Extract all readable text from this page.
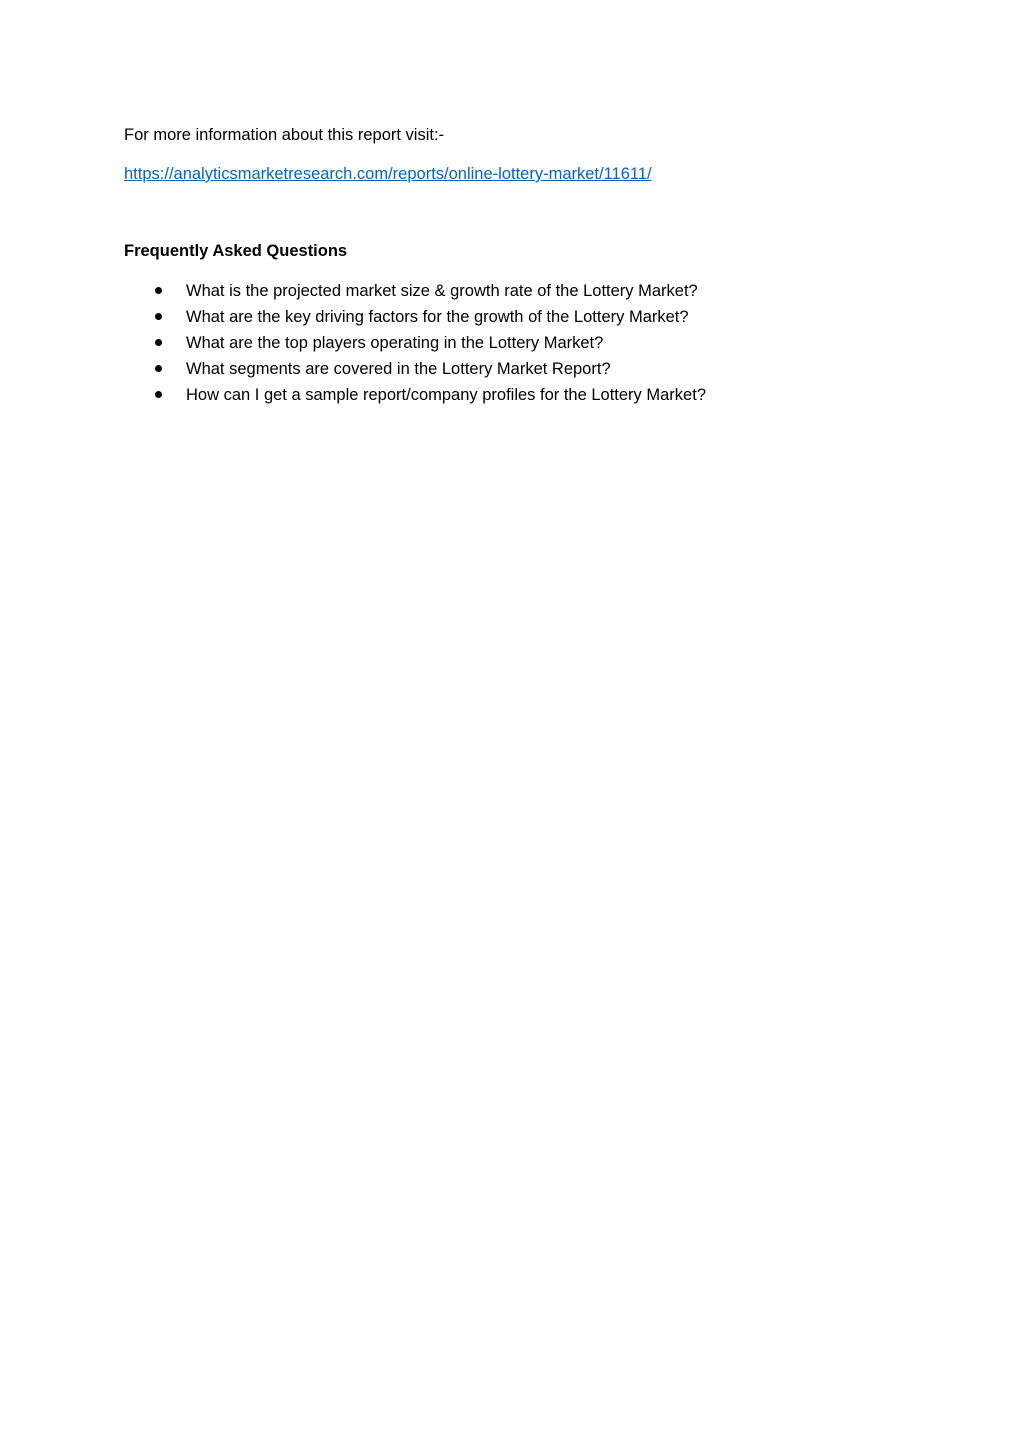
For more information about this report visit:-

https://analyticsmarketresearch.com/reports/online-lottery-market/11611/

Frequently Asked Questions

What is the projected market size & growth rate of the Lottery Market?
What are the key driving factors for the growth of the Lottery Market?
What are the top players operating in the Lottery Market?
What segments are covered in the Lottery Market Report?
How can I get a sample report/company profiles for the Lottery Market?
